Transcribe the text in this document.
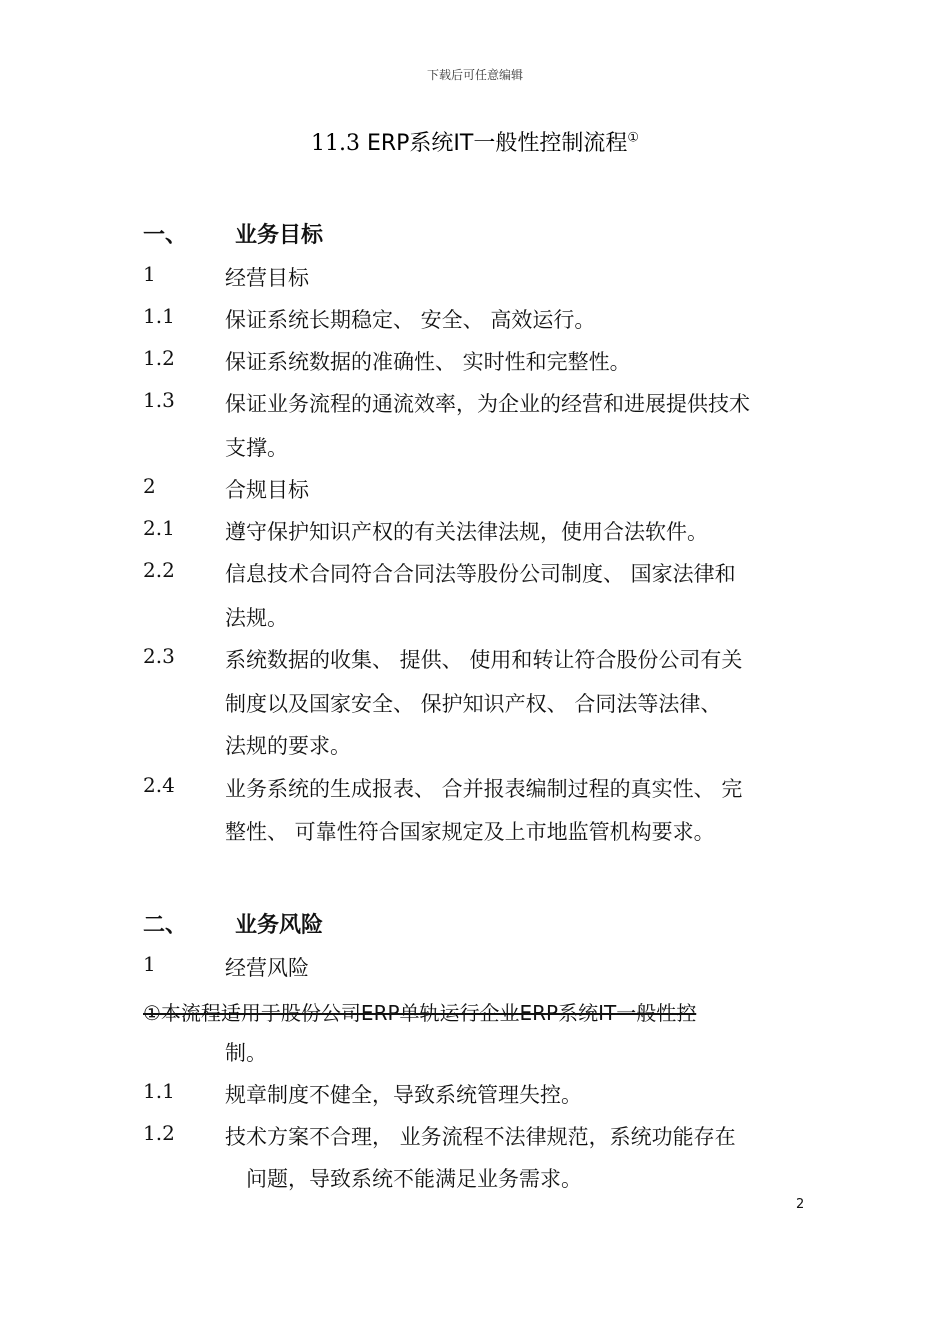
下载后可任意编辑
11.3 ERP系统IT一般性控制流程①
一、 业务目标
1	经营目标
1.1 保证系统长期稳定、 安全、 高效运行。
1.2 保证系统数据的准确性、 实时性和完整性。
1.3 保证业务流程的通流效率，为企业的经营和进展提供技术
支撑。
2	合规目标
2.1 遵守保护知识产权的有关法律法规，使用合法软件。
2.2 信息技术合同符合合同法等股份公司制度、 国家法律和
法规。
2.3 系统数据的收集、 提供、 使用和转让符合股份公司有关
制度以及国家安全、 保护知识产权、 合同法等法律、
法规的要求。
2.4 业务系统的生成报表、 合并报表编制过程的真实性、 完
整性、 可靠性符合国家规定及上市地监管机构要求。
二、 业务风险
1	经营风险
①本流程适用于股份公司ERP单轨运行企业ERP系统IT一般性控
制。
1.1 规章制度不健全，导致系统管理失控。
1.2 技术方案不合理， 业务流程不法律规范，系统功能存在
问题，导致系统不能满足业务需求。
2
